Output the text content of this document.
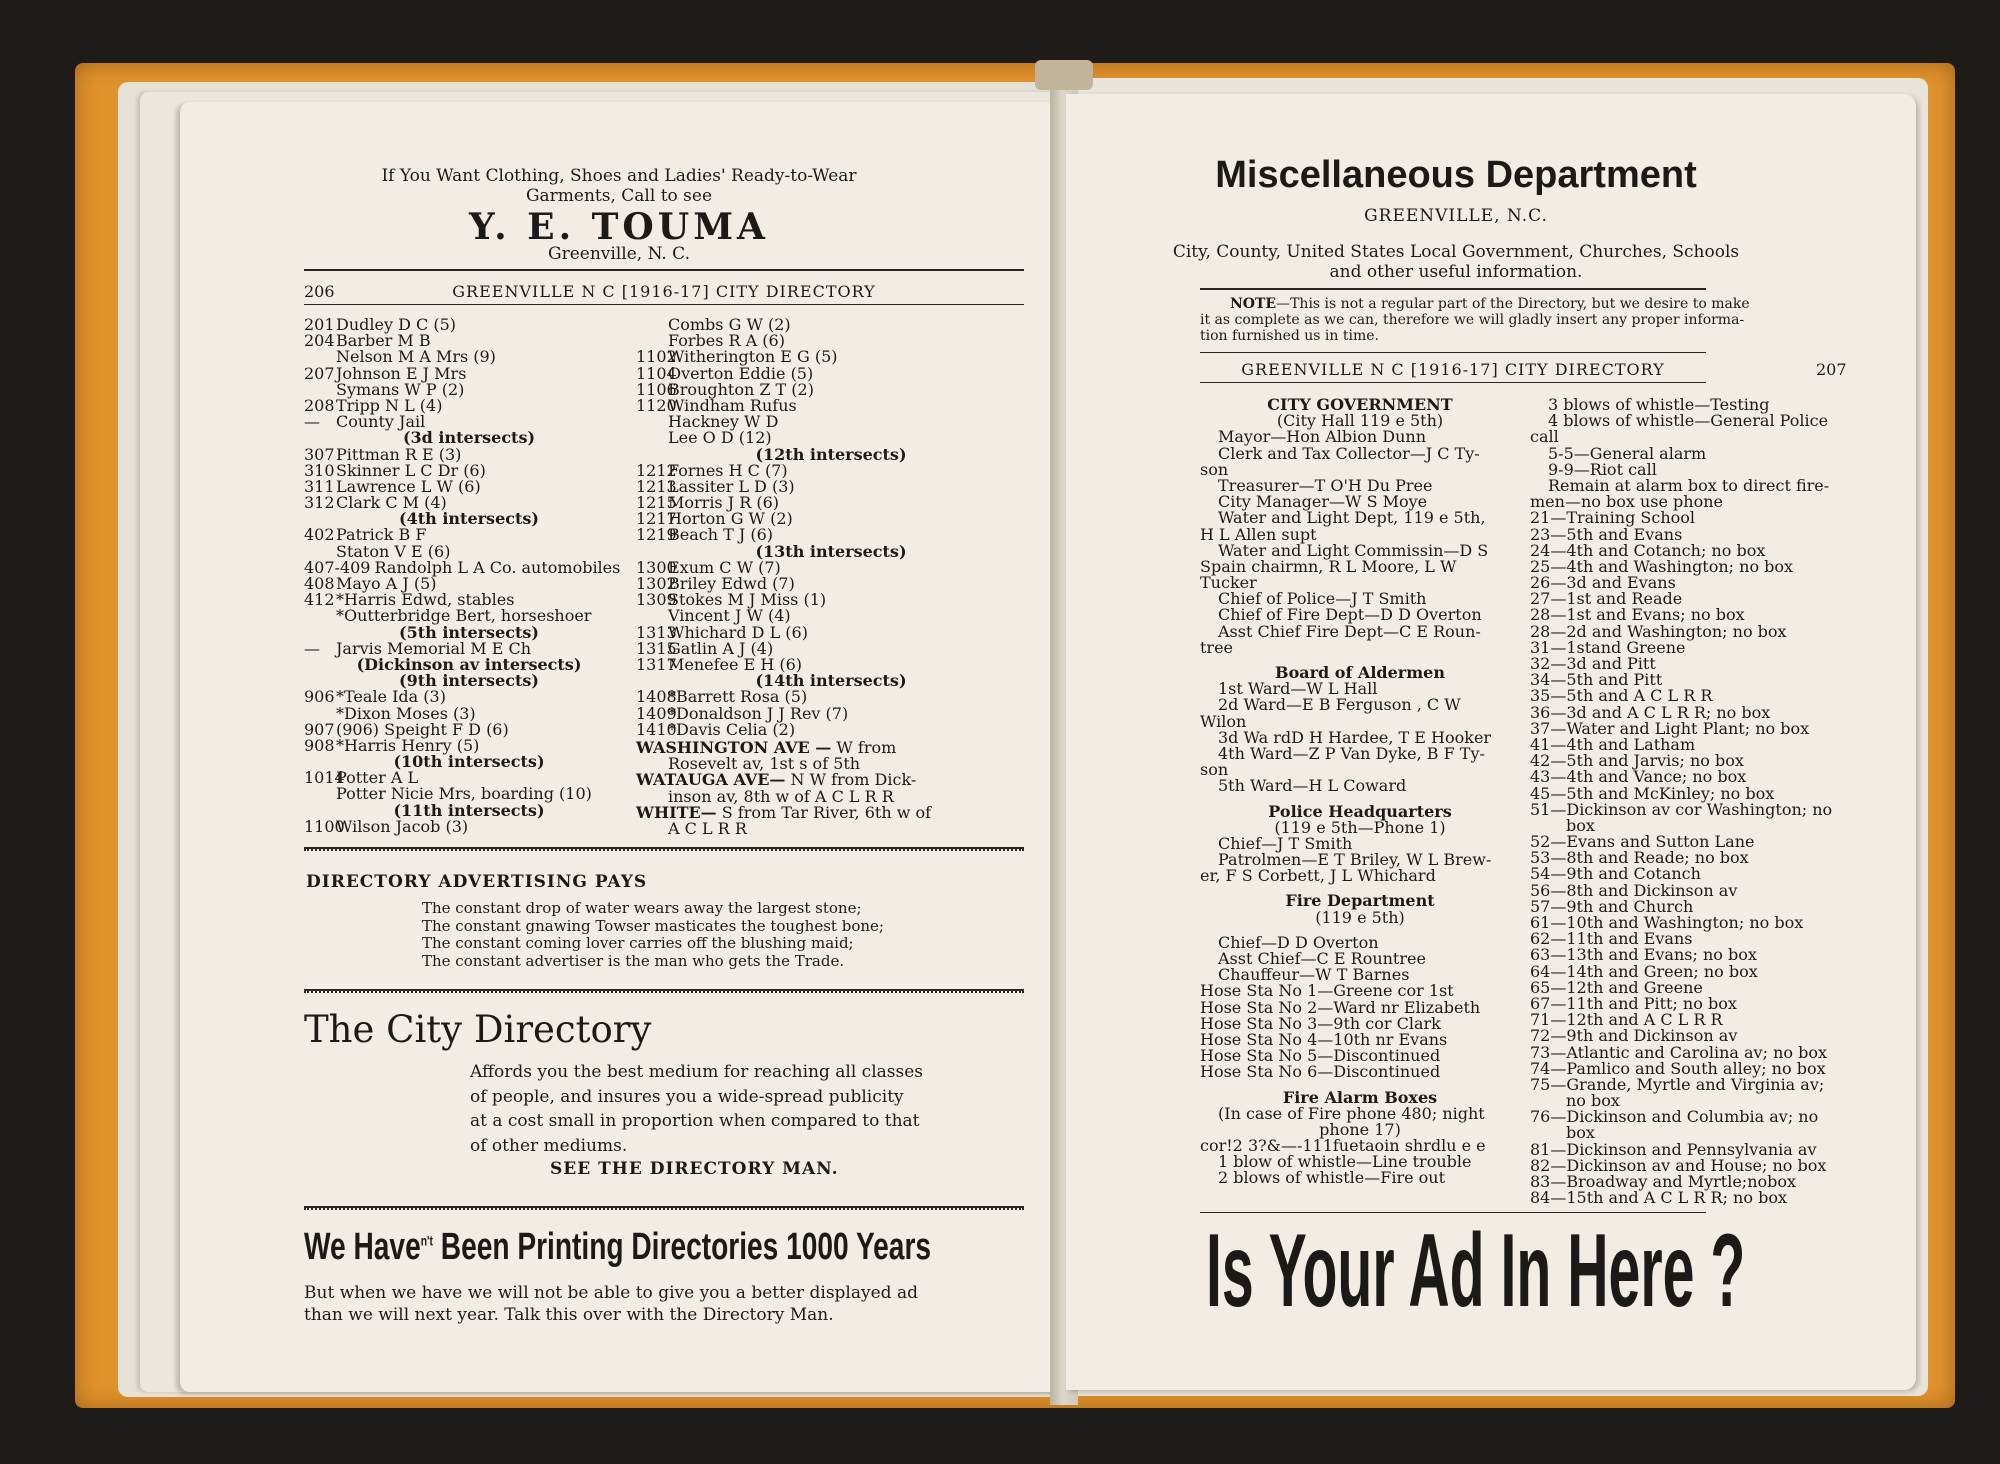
If You Want Clothing, Shoes and Ladies' Ready-to-Wear
Garments, Call to see
Y. E. TOUMA
Greenville, N. C.
206	GREENVILLE N C [1916-17] CITY DIRECTORY
201Dudley D C (5)
204Barber M B
Nelson M A Mrs (9)
207Johnson E J Mrs
Symans W P (2)
208Tripp N L (4)
— County Jail
(3d intersects)
307Pittman R E (3)
310Skinner L C Dr (6)
311Lawrence L W (6)
312Clark C M (4)
(4th intersects)
402Patrick B F
Staton V E (6)
407-409 Randolph L A Co. automobiles
408Mayo A J (5)
412*Harris Edwd, stables
*Outterbridge Bert, horseshoer
(5th intersects)
— Jarvis Memorial M E Ch
(Dickinson av intersects)
(9th intersects)
906*Teale Ida (3)
*Dixon Moses (3)
907(906) Speight F D (6)
908*Harris Henry (5)
(10th intersects)
1014Potter A L
Potter Nicie Mrs, boarding (10)
(11th intersects)
1100Wilson Jacob (3)
Combs G W (2)
Forbes R A (6)
1102Witherington E G (5)
1104Overton Eddie (5)
1106Broughton Z T (2)
1120Windham Rufus
Hackney W D
Lee O D (12)
(12th intersects)
1212Fornes H C (7)
1213Lassiter L D (3)
1215Morris J R (6)
1217Horton G W (2)
1219Beach T J (6)
(13th intersects)
1300Exum C W (7)
1302Briley Edwd (7)
1309Stokes M J Miss (1)
Vincent J W (4)
1313Whichard D L (6)
1315Gatlin A J (4)
1317Menefee E H (6)
(14th intersects)
1408*Barrett Rosa (5)
1409*Donaldson J J Rev (7)
1410*Davis Celia (2)
WASHINGTON AVE — W from
Rosevelt av, 1st s of 5th
WATAUGA AVE— N W from Dick-
inson av, 8th w of A C L R R
WHITE— S from Tar River, 6th w of
A C L R R
DIRECTORY ADVERTISING PAYS
The constant drop of water wears away the largest stone;
The constant gnawing Towser masticates the toughest bone;
The constant coming lover carries off the blushing maid;
The constant advertiser is the man who gets the Trade.
The City Directory
Affords you the best medium for reaching all classes
of people, and insures you a wide-spread publicity
at a cost small in proportion when compared to that
of other mediums.
SEE THE DIRECTORY MAN.
We Have$^{n't}$ Been Printing Directories 1000 Years
But when we have we will not be able to give you a better displayed ad
than we will next year. Talk this over with the Directory Man.
Miscellaneous Department
GREENVILLE, N.C.
City, County, United States Local Government, Churches, Schools
and other useful information.
NOTE—This is not a regular part of the Directory, but we desire to make
it as complete as we can, therefore we will gladly insert any proper informa-
tion furnished us in time.
GREENVILLE N C [1916-17] CITY DIRECTORY	207
CITY GOVERNMENT
(City Hall 119 e 5th)
Mayor—Hon Albion Dunn
Clerk and Tax Collector—J C Ty-
son
Treasurer—T O'H Du Pree
City Manager—W S Moye
Water and Light Dept, 119 e 5th,
H L Allen supt
Water and Light Commissin—D S
Spain chairmn, R L Moore, L W
Tucker
Chief of Police—J T Smith
Chief of Fire Dept—D D Overton
Asst Chief Fire Dept—C E Roun-
tree
Board of Aldermen
1st Ward—W L Hall
2d Ward—E B Ferguson , C W
Wilon
3d Wa rdD H Hardee, T E Hooker
4th Ward—Z P Van Dyke, B F Ty-
son
5th Ward—H L Coward
Police Headquarters
(119 e 5th—Phone 1)
Chief—J T Smith
Patrolmen—E T Briley, W L Brew-
er, F S Corbett, J L Whichard
Fire Department
(119 e 5th)
Chief—D D Overton
Asst Chief—C E Rountree
Chauffeur—W T Barnes
Hose Sta No 1—Greene cor 1st
Hose Sta No 2—Ward nr Elizabeth
Hose Sta No 3—9th cor Clark
Hose Sta No 4—10th nr Evans
Hose Sta No 5—Discontinued
Hose Sta No 6—Discontinued
Fire Alarm Boxes
(In case of Fire phone 480; night
phone 17)
cor!2 3?&—-111fuetaoin shrdlu e e
1 blow of whistle—Line trouble
2 blows of whistle—Fire out
3 blows of whistle—Testing
4 blows of whistle—General Police
call
5-5—General alarm
9-9—Riot call
Remain at alarm box to direct fire-
men—no box use phone
21—Training School
23—5th and Evans
24—4th and Cotanch; no box
25—4th and Washington; no box
26—3d and Evans
27—1st and Reade
28—1st and Evans; no box
28—2d and Washington; no box
31—1stand Greene
32—3d and Pitt
34—5th and Pitt
35—5th and A C L R R
36—3d and A C L R R; no box
37—Water and Light Plant; no box
41—4th and Latham
42—5th and Jarvis; no box
43—4th and Vance; no box
45—5th and McKinley; no box
51—Dickinson av cor Washington; no
box
52—Evans and Sutton Lane
53—8th and Reade; no box
54—9th and Cotanch
56—8th and Dickinson av
57—9th and Church
61—10th and Washington; no box
62—11th and Evans
63—13th and Evans; no box
64—14th and Green; no box
65—12th and Greene
67—11th and Pitt; no box
71—12th and A C L R R
72—9th and Dickinson av
73—Atlantic and Carolina av; no box
74—Pamlico and South alley; no box
75—Grande, Myrtle and Virginia av;
no box
76—Dickinson and Columbia av; no
box
81—Dickinson and Pennsylvania av
82—Dickinson av and House; no box
83—Broadway and Myrtle;nobox
84—15th and A C L R R; no box
Is Your Ad In Here ?
